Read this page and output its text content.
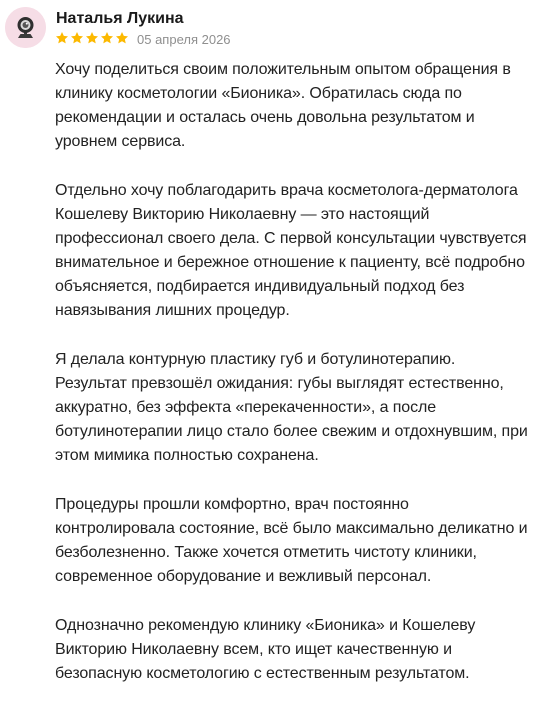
Наталья Лукина
05 апреля 2026

Хочу поделиться своим положительным опытом обращения в клинику косметологии «Бионика». Обратилась сюда по рекомендации и осталась очень довольна результатом и уровнем сервиса.

Отдельно хочу поблагодарить врача косметолога-дерматолога Кошелеву Викторию Николаевну — это настоящий профессионал своего дела. С первой консультации чувствуется внимательное и бережное отношение к пациенту, всё подробно объясняется, подбирается индивидуальный подход без навязывания лишних процедур.

Я делала контурную пластику губ и ботулинотерапию. Результат превзошёл ожидания: губы выглядят естественно, аккуратно, без эффекта «перекаченности», а после ботулинотерапии лицо стало более свежим и отдохнувшим, при этом мимика полностью сохранена.

Процедуры прошли комфортно, врач постоянно контролировала состояние, всё было максимально деликатно и безболезненно. Также хочется отметить чистоту клиники, современное оборудование и вежливый персонал.

Однозначно рекомендую клинику «Бионика» и Кошелеву Викторию Николаевну всем, кто ищет качественную и безопасную косметологию с естественным результатом.
